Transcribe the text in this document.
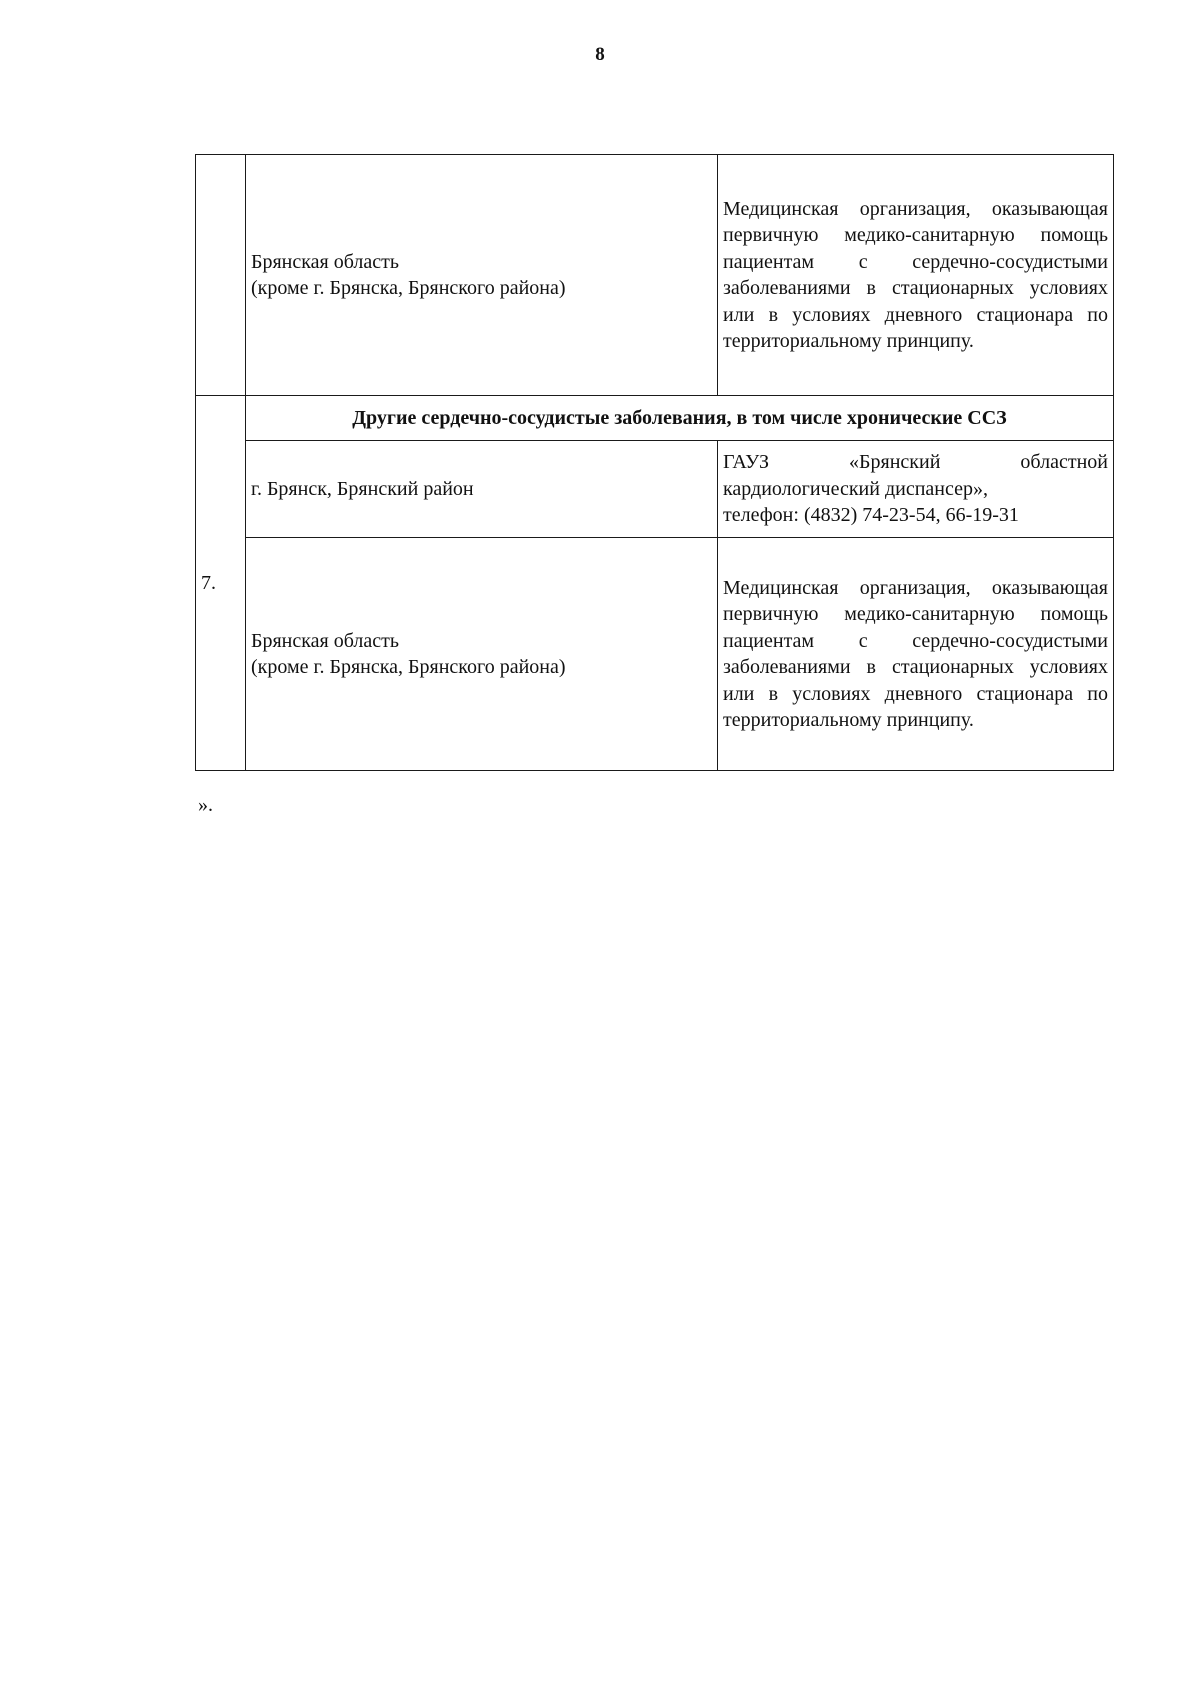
8

	Брянская область
(кроме г. Брянска, Брянского района)	Медицинская организация, оказывающая первичную медико-санитарную помощь пациентам с сердечно-сосудистыми заболеваниями в стационарных условиях или в условиях дневного стационара по территориальному принципу.
7.	Другие сердечно-сосудистые заболевания, в том числе хронические ССЗ	
	г. Брянск, Брянский район	ГАУЗ «Брянский областной кардиологический диспансер»,
телефон: (4832) 74-23-54, 66-19-31

	Брянская область
(кроме г. Брянска, Брянского района)	Медицинская организация, оказывающая первичную медико-санитарную помощь пациентам с сердечно-сосудистыми заболеваниями в стационарных условиях или в условиях дневного стационара по территориальному принципу.
».
